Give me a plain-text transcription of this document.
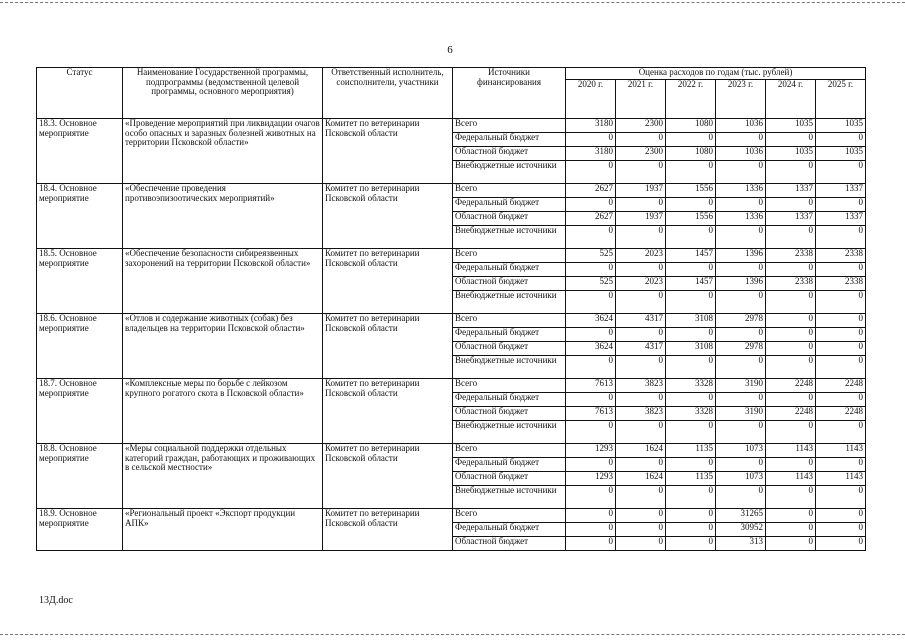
6
Статус	Наименование Государственной программы, подпрограммы (ведомственной целевой программы, основного мероприятия)	Ответственный исполнитель, соисполнители, участники	Источники финансирования	Оценка расходов по годам (тыс. рублей)					
				2020 г.	2021 г.	2022 г.	2023 г.	2024 г.	2025 г.
18.3. Основное мероприятие	«Проведение мероприятий при ликвидации очагов особо опасных и заразных болезней животных на территории Псковской области»	Комитет по ветеринарии Псковской области	Всего	3180	2300	1080	1036	1035	1035
			Федеральный бюджет	0	0	0	0	0	0
			Областной бюджет	3180	2300	1080	1036	1035	1035
			Внебюджетные источники	0	0	0	0	0	0
18.4. Основное мероприятие	«Обеспечение проведения противоэпизоотических мероприятий»	Комитет по ветеринарии Псковской области	Всего	2627	1937	1556	1336	1337	1337
			Федеральный бюджет	0	0	0	0	0	0
			Областной бюджет	2627	1937	1556	1336	1337	1337
			Внебюджетные источники	0	0	0	0	0	0
18.5. Основное мероприятие	«Обеспечение безопасности сибиреязвенных захоронений на территории Псковской области»	Комитет по ветеринарии Псковской области	Всего	525	2023	1457	1396	2338	2338
			Федеральный бюджет	0	0	0	0	0	0
			Областной бюджет	525	2023	1457	1396	2338	2338
			Внебюджетные источники	0	0	0	0	0	0
18.6. Основное мероприятие	«Отлов и содержание животных (собак) без владельцев на территории Псковской области»	Комитет по ветеринарии Псковской области	Всего	3624	4317	3108	2978	0	0
			Федеральный бюджет	0	0	0	0	0	0
			Областной бюджет	3624	4317	3108	2978	0	0
			Внебюджетные источники	0	0	0	0	0	0
18.7. Основное мероприятие	«Комплексные меры по борьбе с лейкозом крупного рогатого скота в Псковской области»	Комитет по ветеринарии Псковской области	Всего	7613	3823	3328	3190	2248	2248
			Федеральный бюджет	0	0	0	0	0	0
			Областной бюджет	7613	3823	3328	3190	2248	2248
			Внебюджетные источники	0	0	0	0	0	0
18.8. Основное мероприятие	«Меры социальной поддержки отдельных категорий граждан, работающих и проживающих в сельской местности»	Комитет по ветеринарии Псковской области	Всего	1293	1624	1135	1073	1143	1143
			Федеральный бюджет	0	0	0	0	0	0
			Областной бюджет	1293	1624	1135	1073	1143	1143
			Внебюджетные источники	0	0	0	0	0	0
18.9. Основное мероприятие	«Региональный проект «Экспорт продукции АПК»	Комитет по ветеринарии Псковской области	Всего	0	0	0	31265	0	0
			Федеральный бюджет	0	0	0	30952	0	0
			Областной бюджет	0	0	0	313	0	0
13Д.doc
